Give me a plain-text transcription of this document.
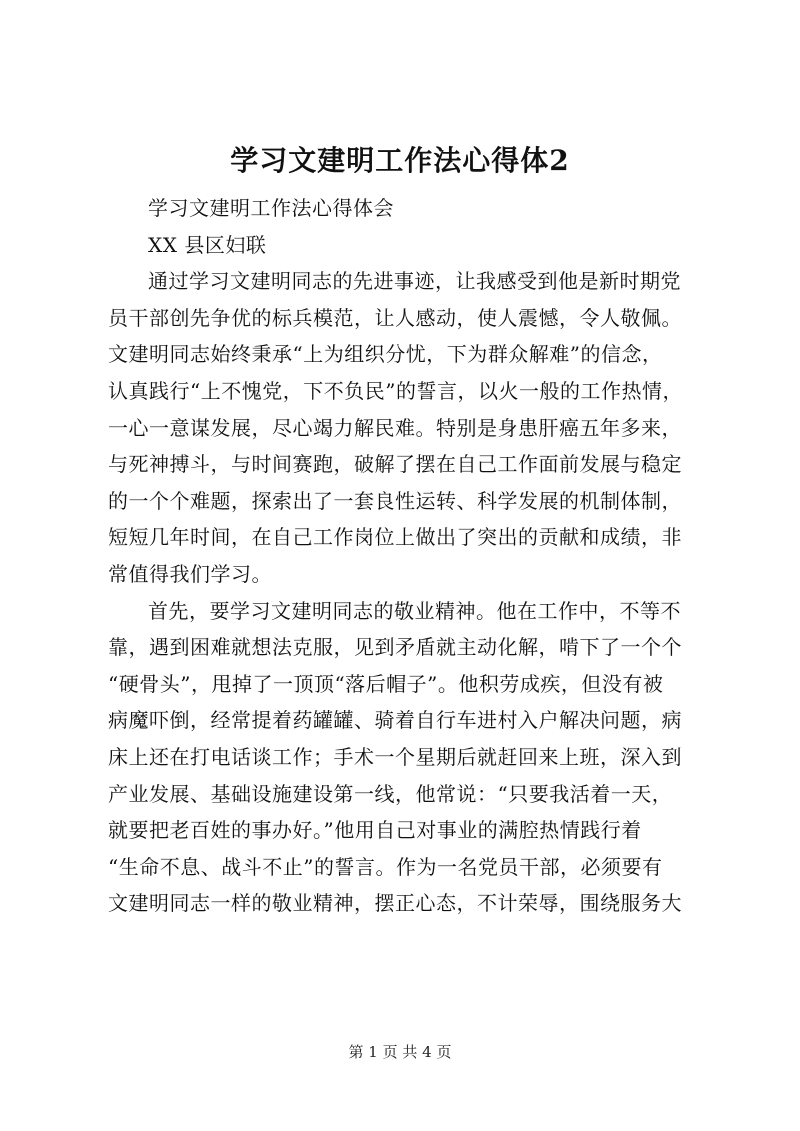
学习文建明工作法心得体2
学习文建明工作法心得体会
XX 县区妇联
通过学习文建明同志的先进事迹，让我感受到他是新时期党
员干部创先争优的标兵模范，让人感动，使人震憾，令人敬佩。
文建明同志始终秉承“上为组织分忧，下为群众解难”的信念，
认真践行“上不愧党，下不负民”的誓言，以火一般的工作热情，
一心一意谋发展，尽心竭力解民难。特别是身患肝癌五年多来，
与死神搏斗，与时间赛跑，破解了摆在自己工作面前发展与稳定
的一个个难题，探索出了一套良性运转、科学发展的机制体制，
短短几年时间，在自己工作岗位上做出了突出的贡献和成绩，非
常值得我们学习。
首先，要学习文建明同志的敬业精神。他在工作中，不等不
靠，遇到困难就想法克服，见到矛盾就主动化解，啃下了一个个
“硬骨头”，甩掉了一顶顶“落后帽子”。他积劳成疾，但没有被
病魔吓倒，经常提着药罐罐、骑着自行车进村入户解决问题，病
床上还在打电话谈工作；手术一个星期后就赶回来上班，深入到
产业发展、基础设施建设第一线，他常说：“只要我活着一天，
就要把老百姓的事办好。”他用自己对事业的满腔热情践行着
“生命不息、战斗不止”的誓言。作为一名党员干部，必须要有
文建明同志一样的敬业精神，摆正心态，不计荣辱，围绕服务大
第 1 页 共 4 页
